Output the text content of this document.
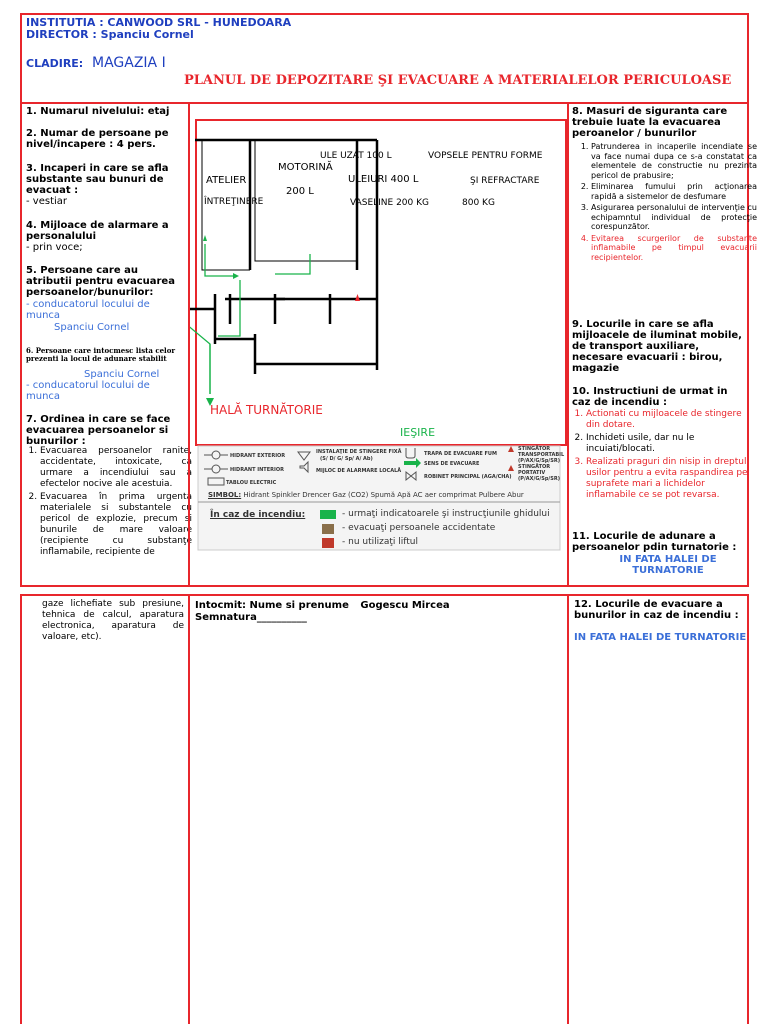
INSTITUTIA : CANWOOD SRL - HUNEDOARA
DIRECTOR : Spanciu Cornel
CLADIRE: MAGAZIA I
PLANUL DE DEPOZITARE ŞI EVACUARE A MATERIALELOR PERICULOASE
1. Numarul nivelului: etaj
2. Numar de persoane pe nivel/incapere : 4 pers.
3. Incaperi in care se afla substante sau bunuri de evacuat :
- vestiar
4. Mijloace de alarmare a personalului
- prin voce;
5. Persoane care au atributii pentru evacuarea persoanelor/bunurilor:
- conducatorul locului de munca
Spanciu Cornel
6. Persoane care intocmesc lista celor prezenti la locul de adunare stabilit
Spanciu Cornel
- conducatorul locului de munca
7. Ordinea in care se face evacuarea persoanelor si bunurilor :
1. Evacuarea persoanelor ranite, accidentate, intoxicate, ca urmare a incendiului sau a efectelor nocive ale acestuia.
2. Evacuarea în prima urgenta materialele si substantele cu pericol de explozie, precum si bunurile de mare valoare (recipiente cu substanţe inflamabile, recipiente de
ATELIER
ÎNTREŢINERE
MOTORINĂ
200 L
ULE UZAT 100 L
ULEIURI 400 L
VASELINE 200 KG
VOPSELE PENTRU FORME
ŞI REFRACTARE
800 KG
HALĂ TURNĂTORIE
IEŞIRE
HIDRANT EXTERIOR
HIDRANT INTERIOR
TABLOU ELECTRIC
INSTALAŢIE DE STINGERE FIXĂ
(S/ D/ G/ Sp/ A/ Ab)
MIJLOC DE ALARMARE LOCALĂ
TRAPA DE EVACUARE FUM
SENS DE EVACUARE
ROBINET PRINCIPAL (AGA/CHA)
STINGĂTOR TRANSPORTABIL (P/AX/G/Sp/SR)
STINGĂTOR PORTATIV (P/AX/G/Sp/SR)
SIMBOL: Hidrant Spinkler Drencer Gaz (CO2) Spumă Apă AC aer comprimat Pulbere Abur
În caz de incendiu:	- urmaţi indicatoarele şi instrucţiunile ghidului
- evacuaţi persoanele accidentate
- nu utilizaţi liftul
8. Masuri de siguranta care trebuie luate la evacuarea peroanelor / bunurilor
1. Patrunderea in incaperile incendiate se va face numai dupa ce s-a constatat ca elementele de constructie nu prezinta pericol de prabusire;
2. Eliminarea fumului prin acţionarea rapidă a sistemelor de desfumare
3. Asigurarea personalului de intervenţie cu echipamntul individual de protecţie corespunzător.
4. Evitarea scurgerilor de substante inflamabile pe timpul evacuarii recipientelor.
9. Locurile in care se afla mijloacele de iluminat mobile, de transport auxiliare, necesare evacuarii : birou, magazie
10. Instructiuni de urmat in caz de incendiu :
1. Actionati cu mijloacele de stingere din dotare.
2. Inchideti usile, dar nu le incuiati/blocati.
3. Realizati praguri din nisip in dreptul usilor pentru a evita raspandirea pe suprafete mari a lichidelor inflamabile ce se pot revarsa.
11. Locurile de adunare a persoanelor pdin turnatorie :
IN FATA HALEI DE TURNATORIE
gaze lichefiate sub presiune, tehnica de calcul, aparatura electronica, aparatura de valoare, etc).
Intocmit: Nume si prenume Gogescu Mircea
Semnatura__________
12. Locurile de evacuare a bunurilor in caz de incendiu :
IN FATA HALEI DE TURNATORIE
